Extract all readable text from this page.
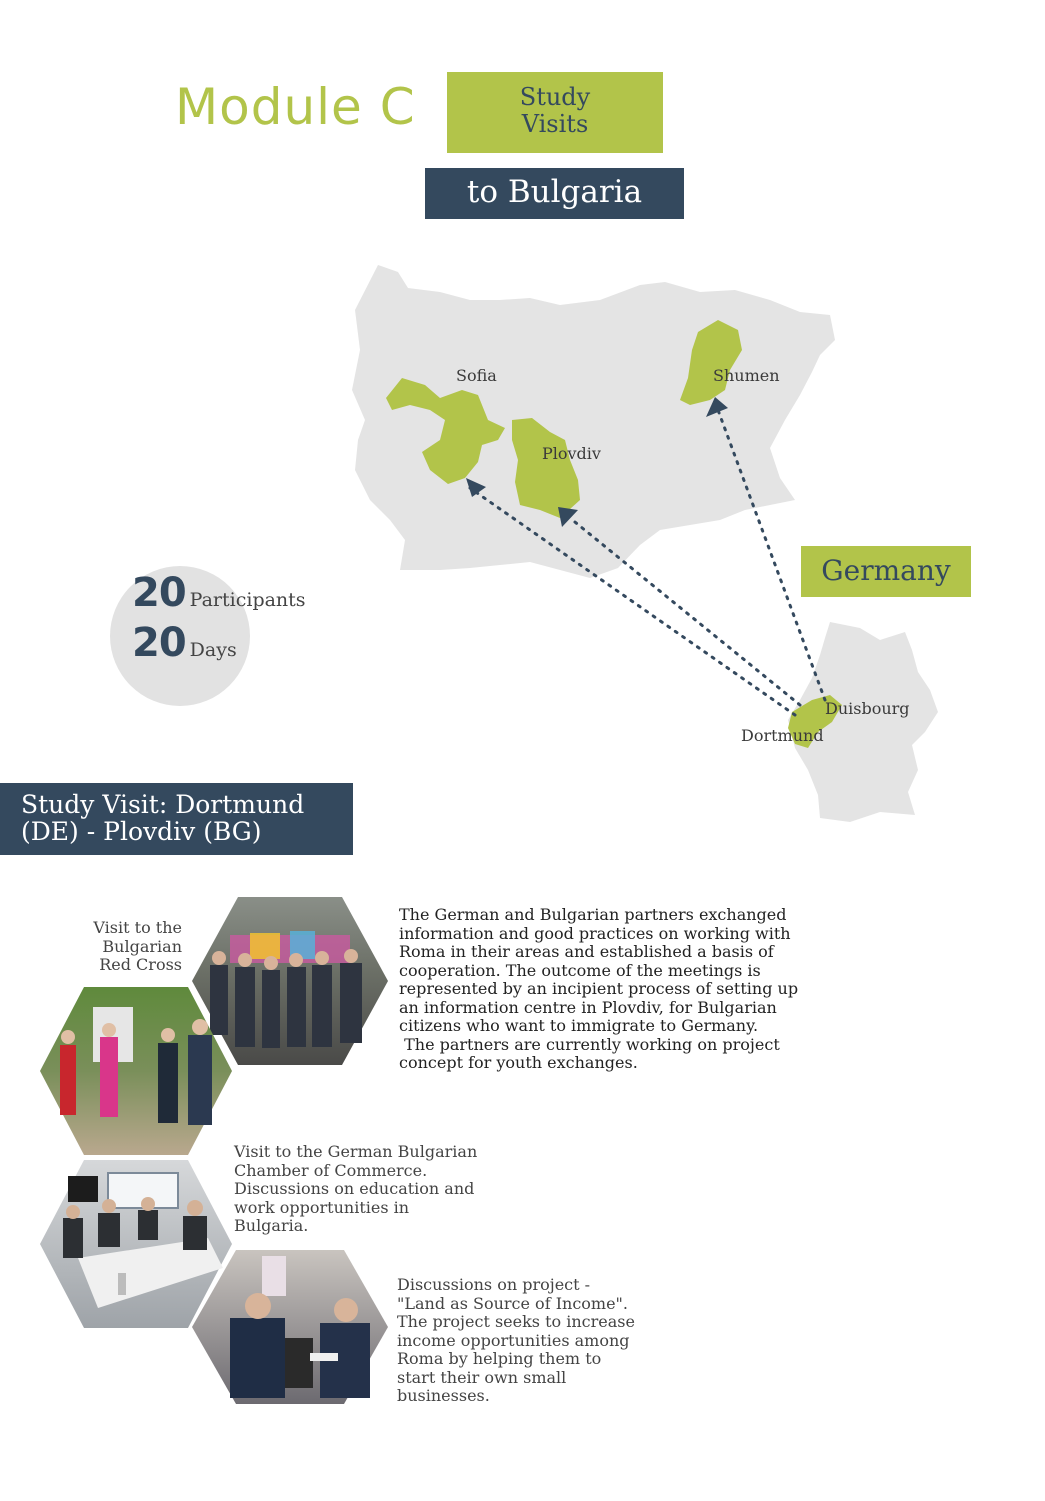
Module C	Study
Visits
to Bulgaria
Sofia
Plovdiv
Shumen
Duisbourg
Dortmund
Germany
20 Participants
20 Days
Study Visit: Dortmund
(DE) - Plovdiv (BG)
The German and Bulgarian partners exchanged
information and good practices on working with
Roma in their areas and established a basis of
cooperation. The outcome of the meetings is
represented by an incipient process of setting up
an information centre in Plovdiv, for Bulgarian
citizens who want to immigrate to Germany.
The partners are currently working on project
concept for youth exchanges.
Visit to the
Bulgarian
Red Cross
Visit to the German Bulgarian
Chamber of Commerce.
Discussions on education and
work opportunities in
Bulgaria.
Discussions on project -
"Land as Source of Income".
The project seeks to increase
income opportunities among
Roma by helping them to
start their own small
businesses.
